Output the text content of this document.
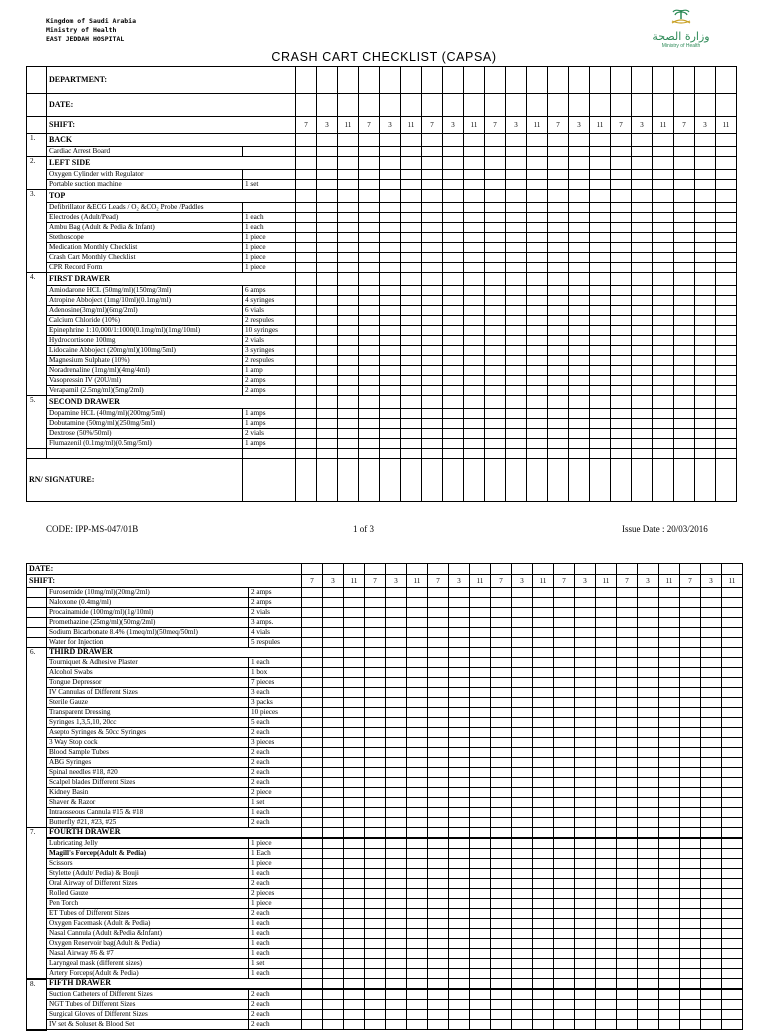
Kingdom of Saudi Arabia
Ministry of Health
EAST JEDDAH HOSPITAL	وزارة الصحة
Ministry of Health
CRASH CART CHECKLIST (CAPSA)
	DEPARTMENT:																						
	DATE:																						
	SHIFT:		7	3	11	7	3	11	7	3	11	7	3	11	7	3	11	7	3	11	7	3	11
1.	BACK																						
	Cardiac Arrest Board																						
2.	LEFT SIDE																						
	Oxygen Cylinder with Regulator																						
	Portable suction machine	1 set																					
3.	TOP																						
	Defibrillator &ECG Leads / O₂ &CO₂ Probe /Paddles																						
	Electrodes (Adult/Pead)	1 each																					
	Ambu Bag (Adult & Pedia & Infant)	1 each																					
	Stethoscope	1 piece																					
	Medication Monthly Checklist	1 piece																					
	Crash Cart Monthly Checklist	1 piece																					
	CPR Record Form	1 piece																					
4.	FIRST DRAWER																						
	Amiodarone HCL (50mg/ml)(150mg/3ml)	6 amps																					
	Atropine Abboject (1mg/10ml)(0.1mg/ml)	4 syringes																					
	Adenosine(3mg/ml)(6mg/2ml)	6 vials																					
	Calcium Chloride (10%)	2 respules																					
	Epinephrine 1:10,000/1:1000(0.1mg/ml)(1mg/10ml)	10 syringes																					
	Hydrocortisone 100mg	2 vials																					
	Lidocaine Abboject (20mg/ml)(100mg/5ml)	3 syringes																					
	Magnesium Sulphate (10%)	2 respules																					
	Noradrenaline (1mg/ml)(4mg/4ml)	1 amp																					
	Vasopressin IV (20U/ml)	2 amps																					
	Verapamil (2.5mg/ml)(5mg/2ml)	2 amps																					
5.	SECOND DRAWER																						
	Dopamine HCL (40mg/ml)(200mg/5ml)	1 amps																					
	Dobutamine (50mg/ml)(250mg/5ml)	1 amps																					
	Dextrose (50%/50ml)	2 vials																					
	Flumazenil (0.1mg/ml)(0.5mg/5ml)	1 amps																					

RN/ SIGNATURE:																							
CODE: IPP-MS-047/01B	1 of 3	Issue Date : 20/03/2016
DATE:																							
SHIFT:			7	3	11	7	3	11	7	3	11	7	3	11	7	3	11	7	3	11	7	3	11
	Furosemide (10mg/ml)(20mg/2ml)	2 amps																					
	Naloxone (0.4mg/ml)	2 amps																					
	Procainamide (100mg/ml)(1g/10ml)	2 vials																					
	Promethazine (25mg/ml)(50mg/2ml)	3 amps.																					
	Sodium Bicarbonate 8.4% (1meq/ml)(50meq/50ml)	4 vials																					
	Water for Injection	5 respules																					
6.	THIRD DRAWER																						
	Tourniquet & Adhesive Plaster	1 each																					
	Alcohol Swabs	1 box																					
	Tongue Depressor	7 pieces																					
	IV Cannulas of Different Sizes	3 each																					
	Sterile Gauze	3 packs																					
	Transparent Dressing	10 pieces																					
	Syringes 1,3,5,10, 20cc	5 each																					
	Asepto Syringes & 50cc Syringes	2 each																					
	3 Way Stop cock	3 pieces																					
	Blood Sample Tubes	2 each																					
	ABG Syringes	2 each																					
	Spinal needles #18, #20	2 each																					
	Scalpel blades Different Sizes	2 each																					
	Kidney Basin	2 piece																					
	Shaver & Razor	1 set																					
	Intraosseous Cannula #15 & #18	1 each																					
	Butterfly #21, #23, #25	2 each																					
7.	FOURTH DRAWER																						
	Lubricating Jelly	1 piece																					
	Magill's Forcep(Adult & Pedia)	1 Each																					
	Scissors	1 piece																					
	Stylette (Adult/ Pedia) & Bouji	1 each																					
	Oral Airway of Different Sizes	2 each																					
	Rolled Gauze	2 pieces																					
	Pen Torch	1 piece																					
	ET Tubes of Different Sizes	2 each																					
	Oxygen Facemask (Adult & Pedia)	1 each																					
	Nasal Cannula (Adult &Pedia &Infant)	1 each																					
	Oxygen Reservoir bag(Adult & Pedia)	1 each																					
	Nasal Airway #6 & #7	1 each																					
	Laryngeal mask (different sizes)	1 set																					
	Artery Forceps(Adult & Pedia)	1 each																					
8.	FIFTH DRAWER																						
	Suction Catheters of Different Sizes	2 each																					
	NGT Tubes of Different Sizes	2 each																					
	Surgical Gloves of Different Sizes	2 each																					
	IV set & Soluset & Blood Set	2 each																					
